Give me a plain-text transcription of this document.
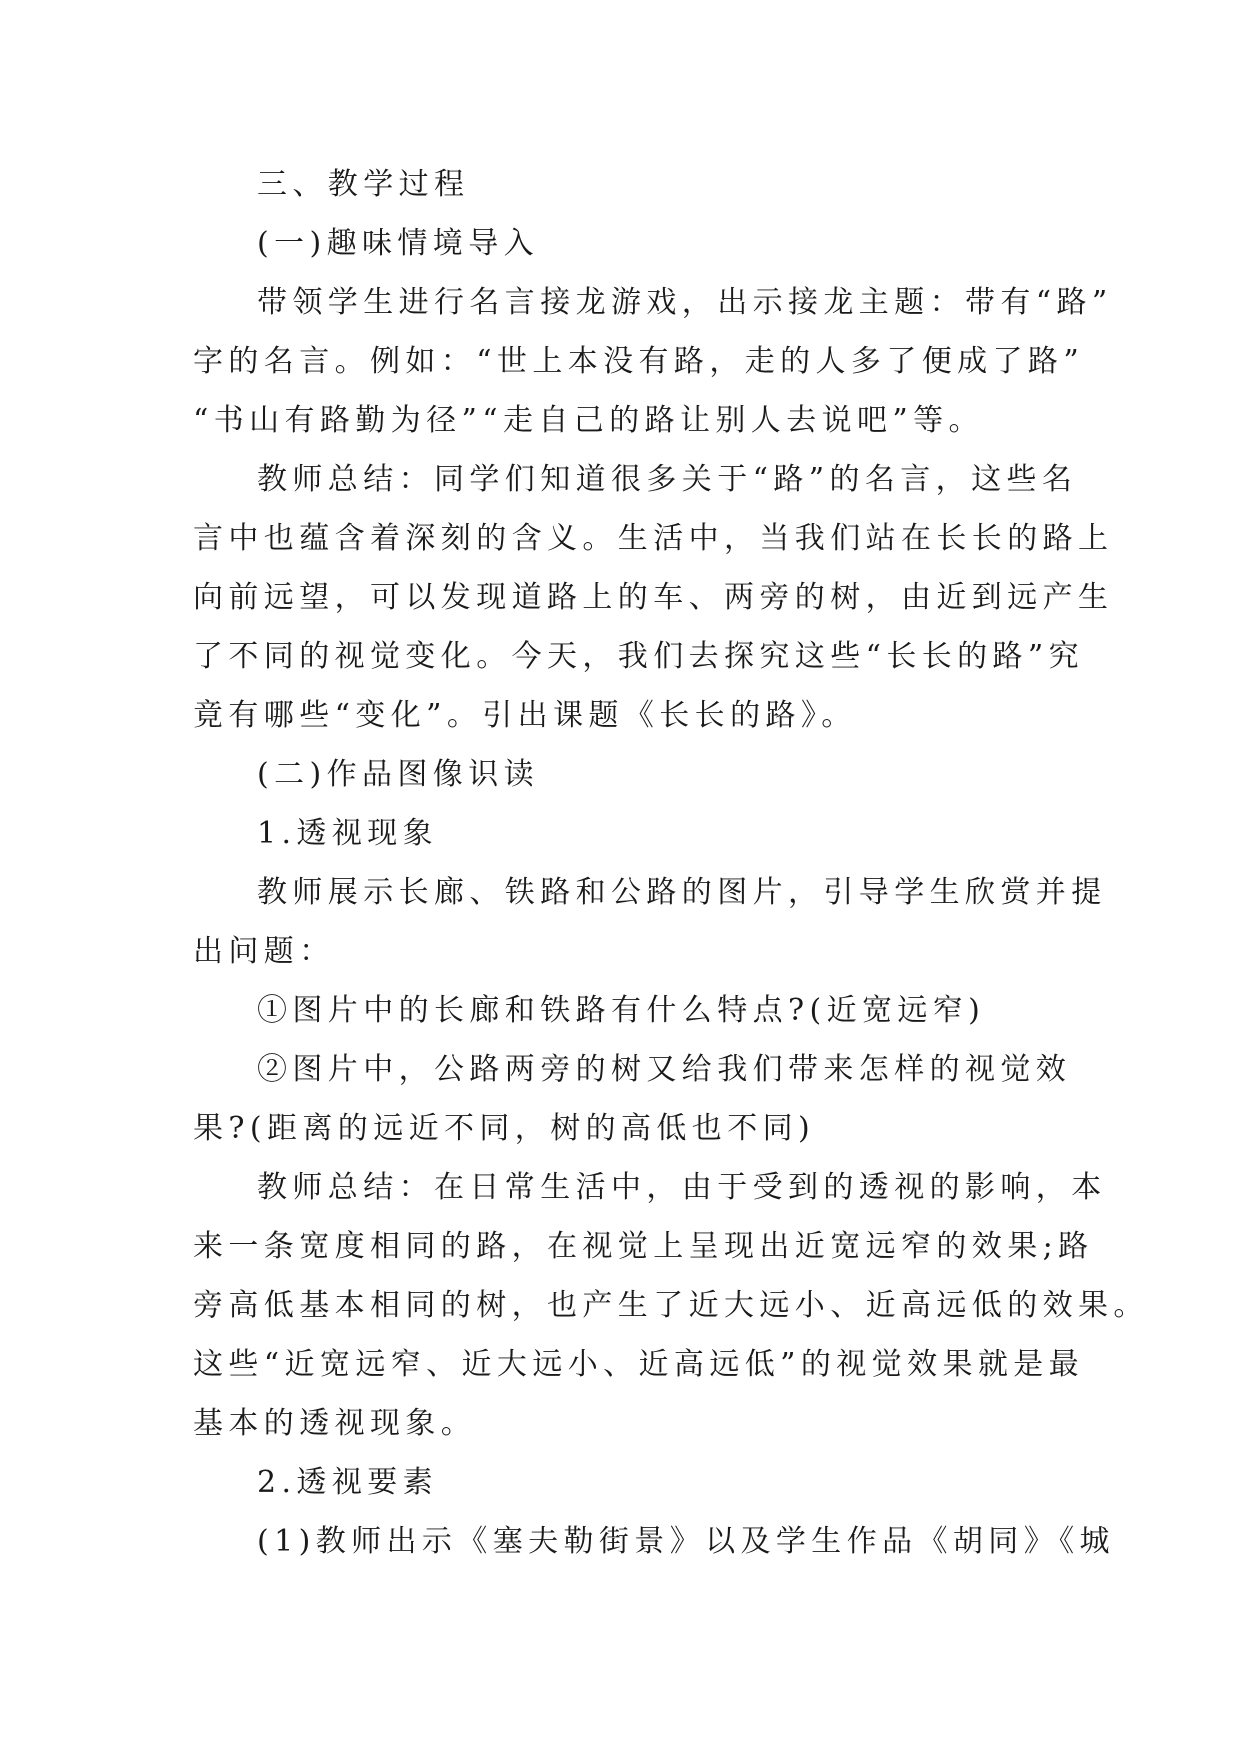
三、教学过程
(一)趣味情境导入
带领学生进行名言接龙游戏，出示接龙主题：带有“路”
字的名言。例如：“世上本没有路，走的人多了便成了路”
“书山有路勤为径”“走自己的路让别人去说吧”等。
教师总结：同学们知道很多关于“路”的名言，这些名
言中也蕴含着深刻的含义。生活中，当我们站在长长的路上
向前远望，可以发现道路上的车、两旁的树，由近到远产生
了不同的视觉变化。今天，我们去探究这些“长长的路”究
竟有哪些“变化”。引出课题《长长的路》。
(二)作品图像识读
1.透视现象
教师展示长廊、铁路和公路的图片，引导学生欣赏并提
出问题：
①图片中的长廊和铁路有什么特点?(近宽远窄)
②图片中，公路两旁的树又给我们带来怎样的视觉效
果?(距离的远近不同，树的高低也不同)
教师总结：在日常生活中，由于受到的透视的影响，本
来一条宽度相同的路，在视觉上呈现出近宽远窄的效果;路
旁高低基本相同的树，也产生了近大远小、近高远低的效果。
这些“近宽远窄、近大远小、近高远低”的视觉效果就是最
基本的透视现象。
2.透视要素
(1)教师出示《塞夫勒街景》以及学生作品《胡同》《城
